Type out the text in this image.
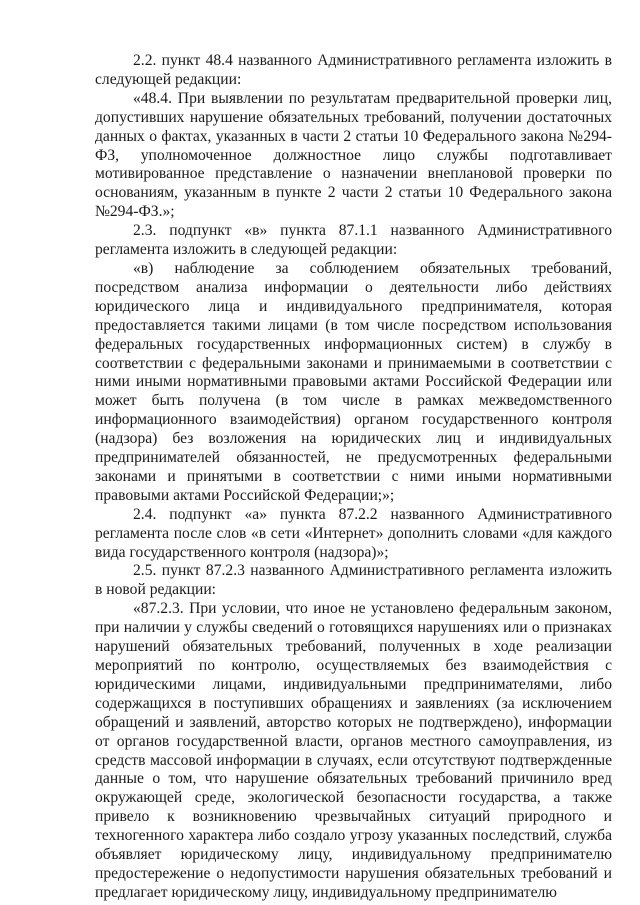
2.2. пункт 48.4 названного Административного регламента изложить в следующей редакции:

«48.4. При выявлении по результатам предварительной проверки лиц, допустивших нарушение обязательных требований, получении достаточных данных о фактах, указанных в части 2 статьи 10 Федерального закона №294-ФЗ, уполномоченное должностное лицо службы подготавливает мотивированное представление о назначении внеплановой проверки по основаниям, указанным в пункте 2 части 2 статьи 10 Федерального закона №294-ФЗ.»;

2.3. подпункт «в» пункта 87.1.1 названного Административного регламента изложить в следующей редакции:

«в) наблюдение за соблюдением обязательных требований, посредством анализа информации о деятельности либо действиях юридического лица и индивидуального предпринимателя, которая предоставляется такими лицами (в том числе посредством использования федеральных государственных информационных систем) в службу в соответствии с федеральными законами и принимаемыми в соответствии с ними иными нормативными правовыми актами Российской Федерации или может быть получена (в том числе в рамках межведомственного информационного взаимодействия) органом государственного контроля (надзора) без возложения на юридических лиц и индивидуальных предпринимателей обязанностей, не предусмотренных федеральными законами и принятыми в соответствии с ними иными нормативными правовыми актами Российской Федерации;»;

2.4. подпункт «а» пункта 87.2.2 названного Административного регламента после слов «в сети «Интернет» дополнить словами «для каждого вида государственного контроля (надзора)»;

2.5. пункт 87.2.3 названного Административного регламента изложить в новой редакции:

«87.2.3. При условии, что иное не установлено федеральным законом, при наличии у службы сведений о готовящихся нарушениях или о признаках нарушений обязательных требований, полученных в ходе реализации мероприятий по контролю, осуществляемых без взаимодействия с юридическими лицами, индивидуальными предпринимателями, либо содержащихся в поступивших обращениях и заявлениях (за исключением обращений и заявлений, авторство которых не подтверждено), информации от органов государственной власти, органов местного самоуправления, из средств массовой информации в случаях, если отсутствуют подтвержденные данные о том, что нарушение обязательных требований причинило вред окружающей среде, экологической безопасности государства, а также привело к возникновению чрезвычайных ситуаций природного и техногенного характера либо создало угрозу указанных последствий, служба объявляет юридическому лицу, индивидуальному предпринимателю предостережение о недопустимости нарушения обязательных требований и предлагает юридическому лицу, индивидуальному предпринимателю
